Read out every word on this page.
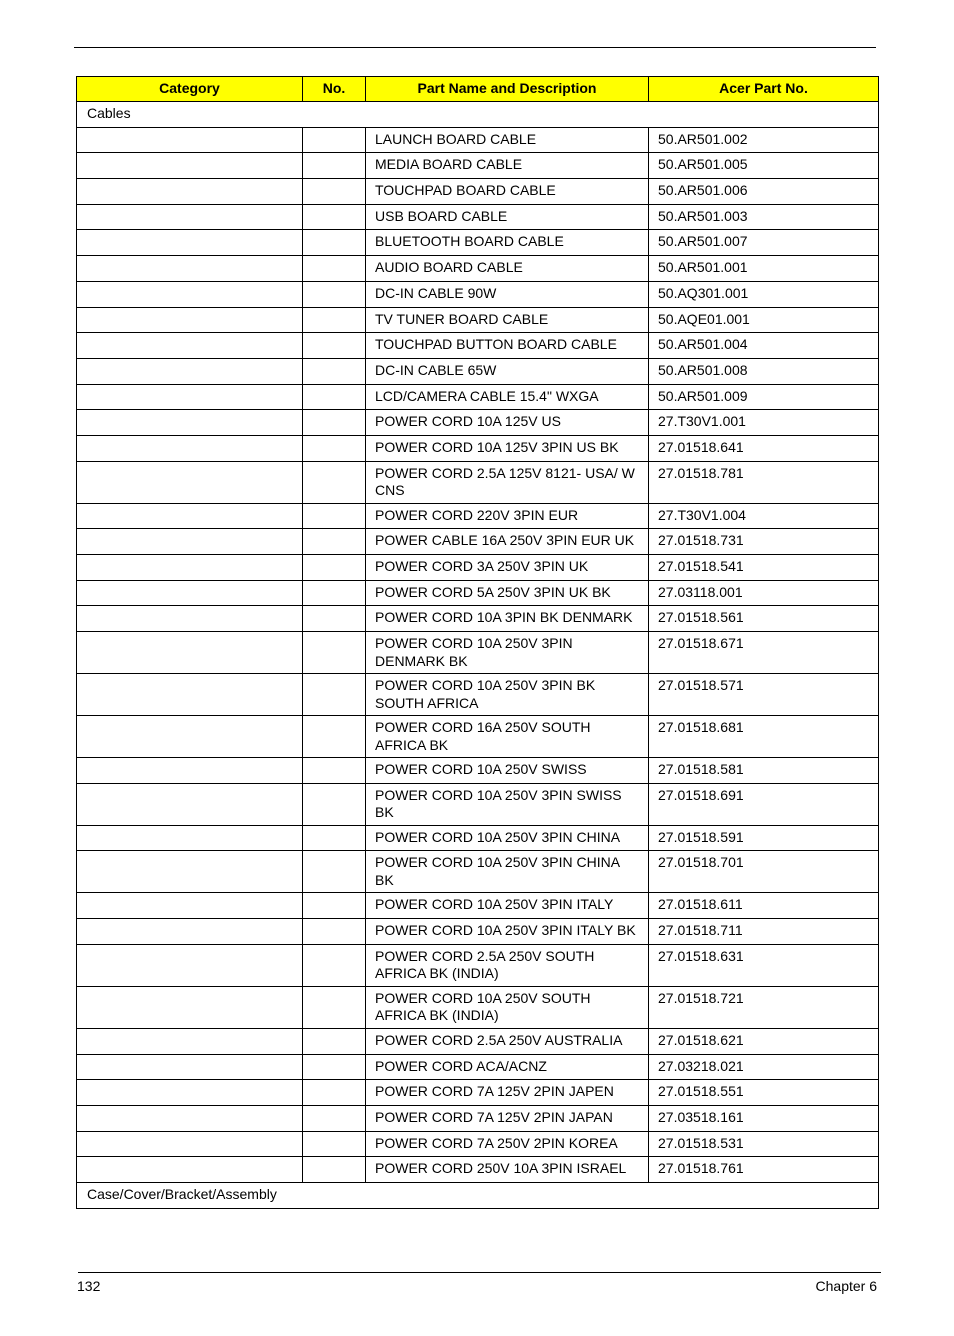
Category	No.	Part Name and Description	Acer Part No.
Cables			
		LAUNCH BOARD CABLE	50.AR501.002
		MEDIA BOARD CABLE	50.AR501.005
		TOUCHPAD BOARD CABLE	50.AR501.006
		USB BOARD CABLE	50.AR501.003
		BLUETOOTH BOARD CABLE	50.AR501.007
		AUDIO BOARD CABLE	50.AR501.001
		DC-IN CABLE 90W	50.AQ301.001
		TV TUNER BOARD CABLE	50.AQE01.001
		TOUCHPAD BUTTON BOARD CABLE	50.AR501.004
		DC-IN CABLE 65W	50.AR501.008
		LCD/CAMERA CABLE 15.4" WXGA	50.AR501.009
		POWER CORD 10A 125V US	27.T30V1.001
		POWER CORD 10A 125V 3PIN US BK	27.01518.641
		POWER CORD 2.5A 125V 8121- USA/ W CNS	27.01518.781
		POWER CORD 220V 3PIN EUR	27.T30V1.004
		POWER CABLE 16A 250V 3PIN EUR UK	27.01518.731
		POWER CORD 3A 250V 3PIN UK	27.01518.541
		POWER CORD 5A 250V 3PIN UK BK	27.03118.001
		POWER CORD 10A 3PIN BK DENMARK	27.01518.561
		POWER CORD 10A 250V 3PIN DENMARK BK	27.01518.671
		POWER CORD 10A 250V 3PIN BK SOUTH AFRICA	27.01518.571
		POWER CORD 16A 250V SOUTH AFRICA BK	27.01518.681
		POWER CORD 10A 250V SWISS	27.01518.581
		POWER CORD 10A 250V 3PIN SWISS BK	27.01518.691
		POWER CORD 10A 250V 3PIN CHINA	27.01518.591
		POWER CORD 10A 250V 3PIN CHINA BK	27.01518.701
		POWER CORD 10A 250V 3PIN ITALY	27.01518.611
		POWER CORD 10A 250V 3PIN ITALY BK	27.01518.711
		POWER CORD 2.5A 250V SOUTH AFRICA BK (INDIA)	27.01518.631
		POWER CORD 10A 250V SOUTH AFRICA BK (INDIA)	27.01518.721
		POWER CORD 2.5A 250V AUSTRALIA	27.01518.621
		POWER CORD ACA/ACNZ	27.03218.021
		POWER CORD 7A 125V 2PIN JAPEN	27.01518.551
		POWER CORD 7A 125V 2PIN JAPAN	27.03518.161
		POWER CORD 7A 250V 2PIN KOREA	27.01518.531
		POWER CORD 250V 10A 3PIN ISRAEL	27.01518.761
Case/Cover/Bracket/Assembly			
132	Chapter 6
